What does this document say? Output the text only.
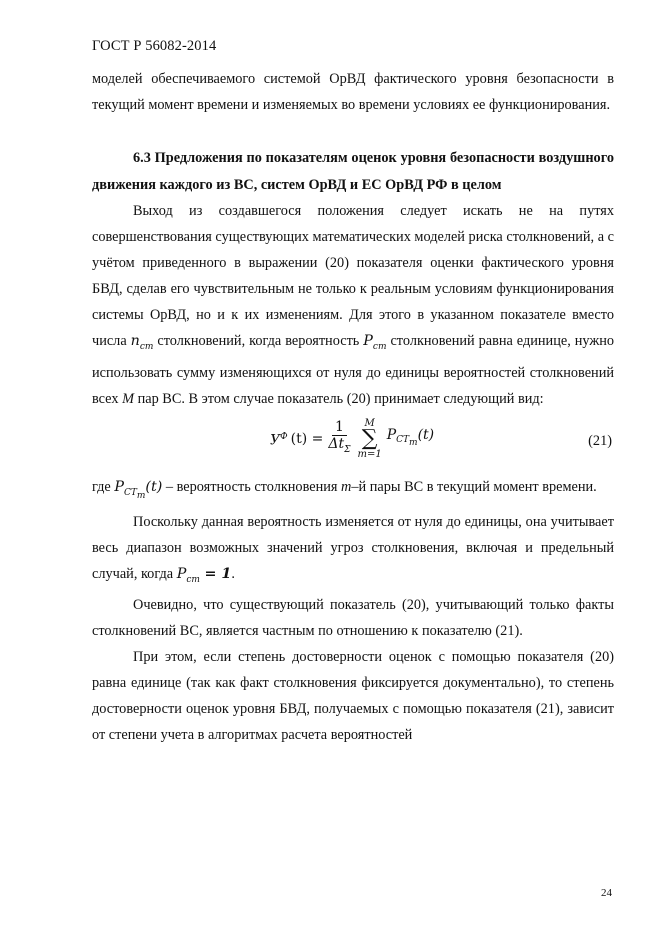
ГОСТ Р 56082-2014

моделей обеспечиваемого системой ОрВД фактического уровня безопасности в текущий момент времени и изменяемых во времени условиях ее функционирования.

6.3 Предложения по показателям оценок уровня безопасности воздушного движения каждого из ВС, систем ОрВД и ЕС ОрВД РФ в целом

Выход из создавшегося положения следует искать не на путях совершенствования существующих математических моделей риска столкновений, а с учётом приведенного в выражении (20) показателя оценки фактического уровня БВД, сделав его чувствительным не только к реальным условиям функционирования системы ОрВД, но и к их изменениям. Для этого в указанном показателе вместо числа $n_{ст}$ столкновений, когда вероятность $P_{ст}$ столкновений равна единице, нужно использовать сумму изменяющихся от нуля до единицы вероятностей столкновений всех M пар ВС. В этом случае показатель (20) принимает следующий вид:

$У^Ф$ $(t) = \frac{1}{\Delta t_\Sigma}$ M
∑
m=1
$P_{CT_m}(t)$	(21)

где $P_{CT_m}(t)$ – вероятность столкновения m–й пары ВС в текущий момент времени.

Поскольку данная вероятность изменяется от нуля до единицы, она учитывает весь диапазон возможных значений угроз столкновения, включая и предельный случай, когда $P_{ст} = 1$.

Очевидно, что существующий показатель (20), учитывающий только факты столкновений ВС, является частным по отношению к показателю (21).

При этом, если степень достоверности оценок с помощью показателя (20) равна единице (так как факт столкновения фиксируется документально), то степень достоверности оценок уровня БВД, получаемых с помощью показателя (21), зависит от степени учета в алгоритмах расчета вероятностей

24
